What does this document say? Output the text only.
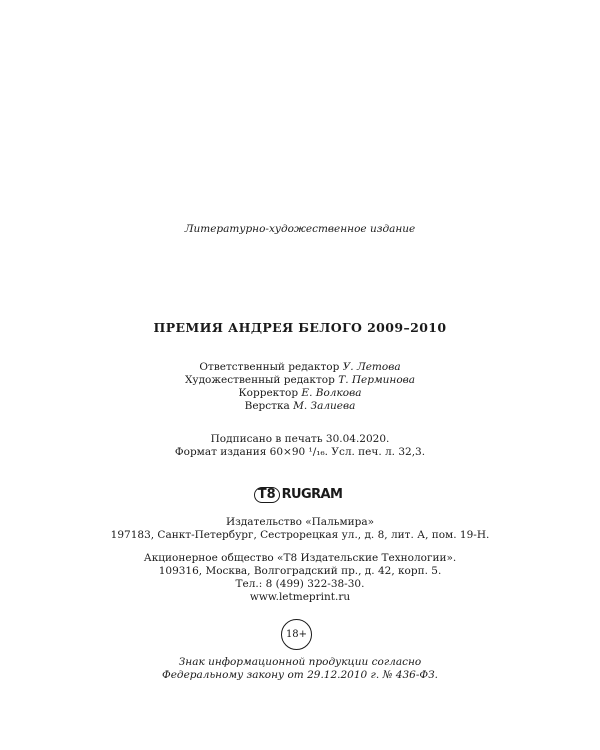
Литературно-художественное издание
ПРЕМИЯ АНДРЕЯ БЕЛОГО 2009–2010
Ответственный редактор У. Летова
Художественный редактор Т. Перминова
Корректор Е. Волкова
Верстка М. Залиева
Подписано в печать 30.04.2020.
Формат издания 60×90 ¹/₁₆. Усл. печ. л. 32,3.
T8 RUGRAM
Издательство «Пальмира»
197183, Санкт-Петербург, Сестрорецкая ул., д. 8, лит. А, пом. 19-Н.
Акционерное общество «Т8 Издательские Технологии».
109316, Москва, Волгоградский пр., д. 42, корп. 5.
Тел.: 8 (499) 322-38-30.
www.letmeprint.ru
18+
Знак информационной продукции согласно
Федеральному закону от 29.12.2010 г. № 436-ФЗ.
